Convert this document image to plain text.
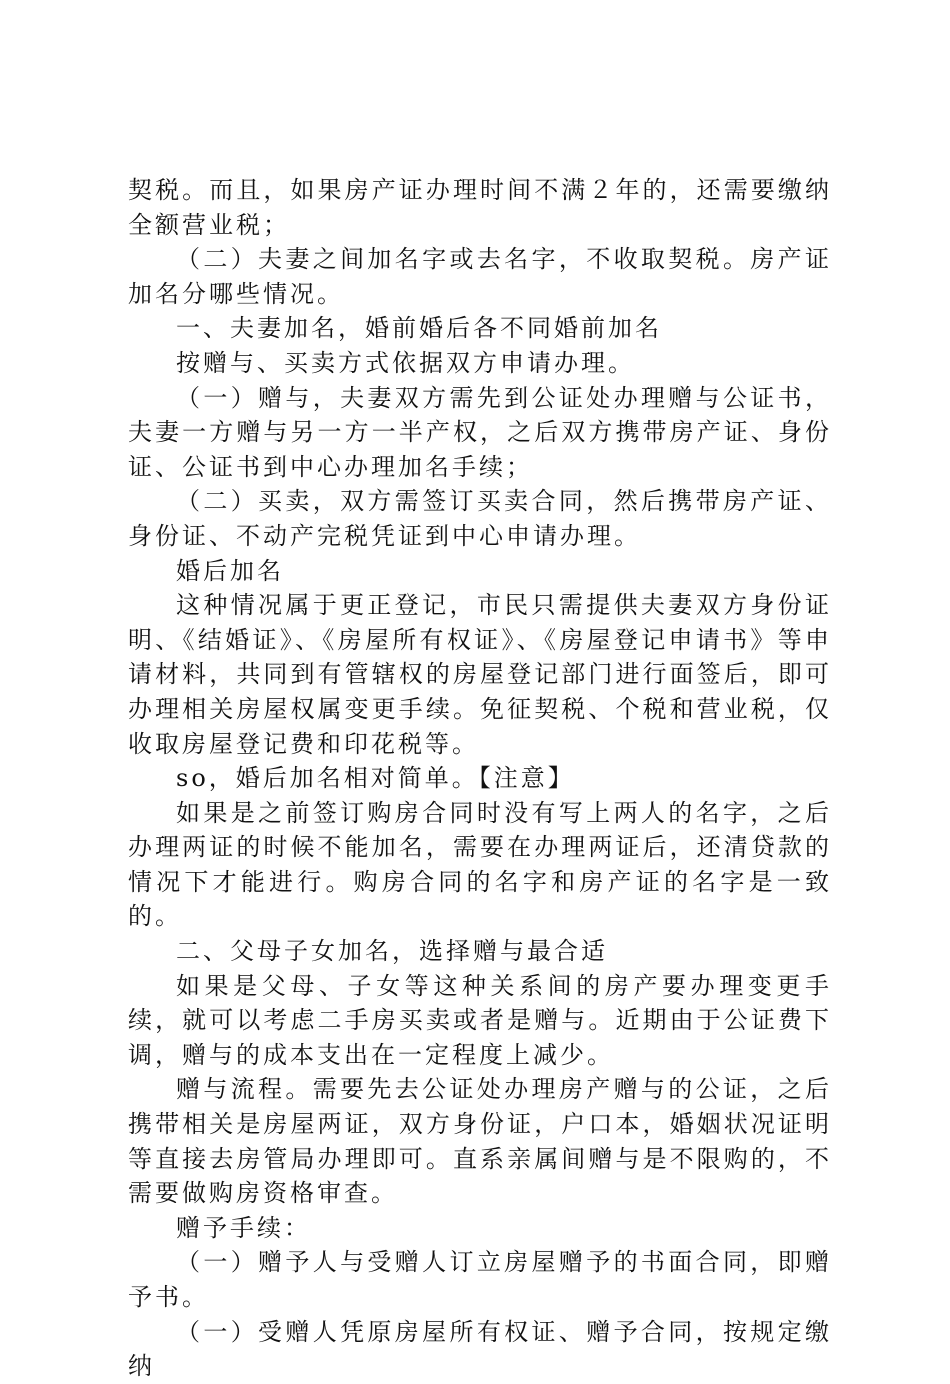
契税。而且，如果房产证办理时间不满２年的，还需要缴纳全额营业税；

（二）夫妻之间加名字或去名字，不收取契税。房产证加名分哪些情况。

一、夫妻加名，婚前婚后各不同婚前加名

按赠与、买卖方式依据双方申请办理。

（一）赠与，夫妻双方需先到公证处办理赠与公证书，夫妻一方赠与另一方一半产权，之后双方携带房产证、身份证、公证书到中心办理加名手续；

（二）买卖，双方需签订买卖合同，然后携带房产证、身份证、不动产完税凭证到中心申请办理。

婚后加名

这种情况属于更正登记，市民只需提供夫妻双方身份证明、《结婚证》、《房屋所有权证》、《房屋登记申请书》等申请材料，共同到有管辖权的房屋登记部门进行面签后，即可办理相关房屋权属变更手续。免征契税、个税和营业税，仅收取房屋登记费和印花税等。

so，婚后加名相对简单。【注意】

如果是之前签订购房合同时没有写上两人的名字，之后办理两证的时候不能加名，需要在办理两证后，还清贷款的情况下才能进行。购房合同的名字和房产证的名字是一致的。

二、父母子女加名，选择赠与最合适

如果是父母、子女等这种关系间的房产要办理变更手续，就可以考虑二手房买卖或者是赠与。近期由于公证费下调，赠与的成本支出在一定程度上减少。

赠与流程。需要先去公证处办理房产赠与的公证，之后携带相关是房屋两证，双方身份证，户口本，婚姻状况证明等直接去房管局办理即可。直系亲属间赠与是不限购的，不需要做购房资格审查。

赠予手续：

（一）赠予人与受赠人订立房屋赠予的书面合同，即赠予书。

（一）受赠人凭原房屋所有权证、赠予合同，按规定缴纳
